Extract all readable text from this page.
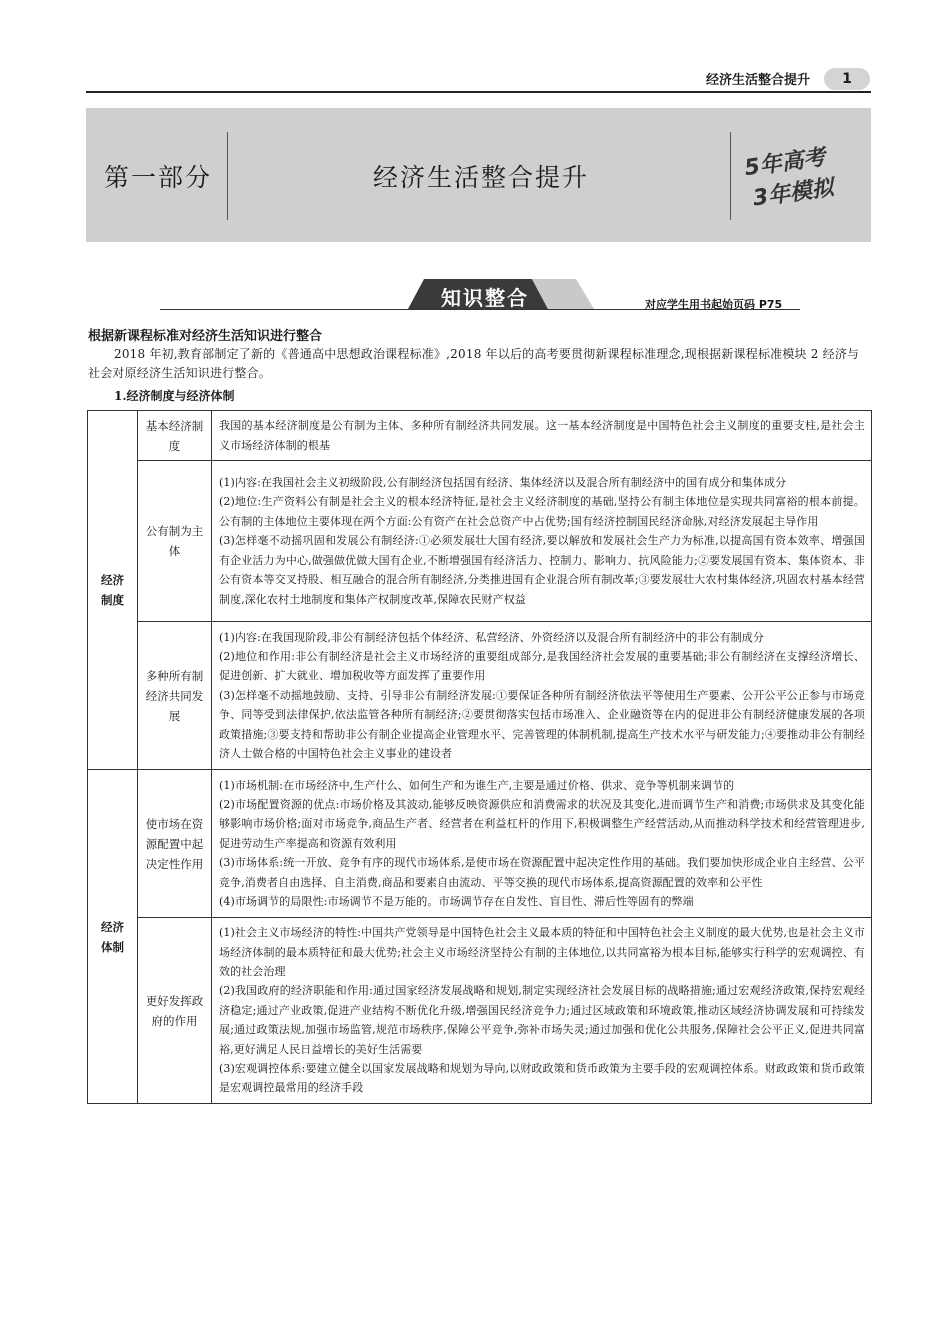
经济生活整合提升	1
第一部分	经济生活整合提升	5年高考
3年模拟
知识整合	对应学生用书起始页码 P75
根据新课程标准对经济生活知识进行整合
2018 年初,教育部制定了新的《普通高中思想政治课程标准》,2018 年以后的高考要贯彻新课程标准理念,现根据新课程标准模块 2 经济与社会对原经济生活知识进行整合。
1.经济制度与经济体制
经济制度	基本经济制度	我国的基本经济制度是公有制为主体、多种所有制经济共同发展。这一基本经济制度是中国特色社会主义制度的重要支柱,是社会主义市场经济体制的根基

	公有制为主体	(1)内容:在我国社会主义初级阶段,公有制经济包括国有经济、集体经济以及混合所有制经济中的国有成分和集体成分

(2)地位:生产资料公有制是社会主义的根本经济特征,是社会主义经济制度的基础,坚持公有制主体地位是实现共同富裕的根本前提。公有制的主体地位主要体现在两个方面:公有资产在社会总资产中占优势;国有经济控制国民经济命脉,对经济发展起主导作用

(3)怎样毫不动摇巩固和发展公有制经济:①必须发展壮大国有经济,要以解放和发展社会生产力为标准,以提高国有资本效率、增强国有企业活力为中心,做强做优做大国有企业,不断增强国有经济活力、控制力、影响力、抗风险能力;②要发展国有资本、集体资本、非公有资本等交叉持股、相互融合的混合所有制经济,分类推进国有企业混合所有制改革;③要发展壮大农村集体经济,巩固农村基本经营制度,深化农村土地制度和集体产权制度改革,保障农民财产权益

	多种所有制经济共同发展	(1)内容:在我国现阶段,非公有制经济包括个体经济、私营经济、外资经济以及混合所有制经济中的非公有制成分

(2)地位和作用:非公有制经济是社会主义市场经济的重要组成部分,是我国经济社会发展的重要基础;非公有制经济在支撑经济增长、促进创新、扩大就业、增加税收等方面发挥了重要作用

(3)怎样毫不动摇地鼓励、支持、引导非公有制经济发展:①要保证各种所有制经济依法平等使用生产要素、公开公平公正参与市场竞争、同等受到法律保护,依法监管各种所有制经济;②要贯彻落实包括市场准入、企业融资等在内的促进非公有制经济健康发展的各项政策措施;③要支持和帮助非公有制企业提高企业管理水平、完善管理的体制机制,提高生产技术水平与研发能力;④要推动非公有制经济人士做合格的中国特色社会主义事业的建设者

经济体制	使市场在资源配置中起决定性作用	(1)市场机制:在市场经济中,生产什么、如何生产和为谁生产,主要是通过价格、供求、竞争等机制来调节的

(2)市场配置资源的优点:市场价格及其波动,能够反映资源供应和消费需求的状况及其变化,进而调节生产和消费;市场供求及其变化能够影响市场价格;面对市场竞争,商品生产者、经营者在利益杠杆的作用下,积极调整生产经营活动,从而推动科学技术和经营管理进步,促进劳动生产率提高和资源有效利用

(3)市场体系:统一开放、竞争有序的现代市场体系,是使市场在资源配置中起决定性作用的基础。我们要加快形成企业自主经营、公平竞争,消费者自由选择、自主消费,商品和要素自由流动、平等交换的现代市场体系,提高资源配置的效率和公平性

(4)市场调节的局限性:市场调节不是万能的。市场调节存在自发性、盲目性、滞后性等固有的弊端

	更好发挥政府的作用	(1)社会主义市场经济的特性:中国共产党领导是中国特色社会主义最本质的特征和中国特色社会主义制度的最大优势,也是社会主义市场经济体制的最本质特征和最大优势;社会主义市场经济坚持公有制的主体地位,以共同富裕为根本目标,能够实行科学的宏观调控、有效的社会治理

(2)我国政府的经济职能和作用:通过国家经济发展战略和规划,制定实现经济社会发展目标的战略措施;通过宏观经济政策,保持宏观经济稳定;通过产业政策,促进产业结构不断优化升级,增强国民经济竞争力;通过区域政策和环境政策,推动区域经济协调发展和可持续发展;通过政策法规,加强市场监管,规范市场秩序,保障公平竞争,弥补市场失灵;通过加强和优化公共服务,保障社会公平正义,促进共同富裕,更好满足人民日益增长的美好生活需要

(3)宏观调控体系:要建立健全以国家发展战略和规划为导向,以财政政策和货币政策为主要手段的宏观调控体系。财政政策和货币政策是宏观调控最常用的经济手段
